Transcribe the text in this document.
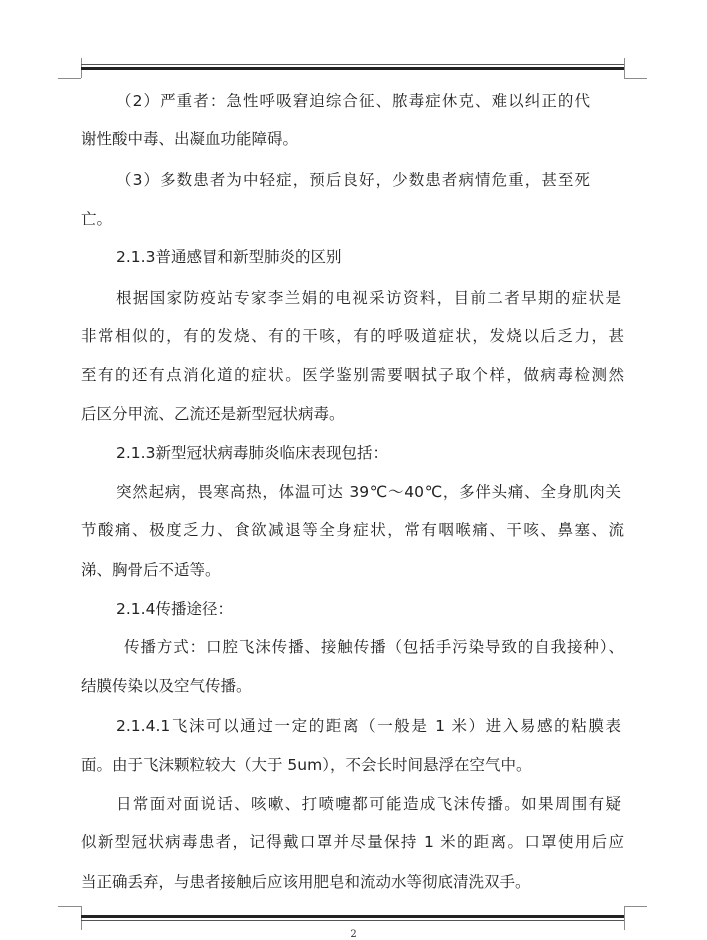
（2）严重者：急性呼吸窘迫综合征、脓毒症休克、难以纠正的代
谢性酸中毒、出凝血功能障碍。
（3）多数患者为中轻症，预后良好，少数患者病情危重，甚至死
亡。
2.1.3普通感冒和新型肺炎的区别
根据国家防疫站专家李兰娟的电视采访资料，目前二者早期的症状是
非常相似的，有的发烧、有的干咳，有的呼吸道症状，发烧以后乏力，甚
至有的还有点消化道的症状。医学鉴别需要咽拭子取个样，做病毒检测然
后区分甲流、乙流还是新型冠状病毒。
2.1.3新型冠状病毒肺炎临床表现包括：
突然起病，畏寒高热，体温可达 39℃～40℃，多伴头痛、全身肌肉关
节酸痛、极度乏力、食欲减退等全身症状，常有咽喉痛、干咳、鼻塞、流
涕、胸骨后不适等。
2.1.4传播途径：
传播方式：口腔飞沫传播、接触传播（包括手污染导致的自我接种）、
结膜传染以及空气传播。
2.1.4.1飞沫可以通过一定的距离（一般是 1 米）进入易感的粘膜表
面。由于飞沫颗粒较大（大于 5um），不会长时间悬浮在空气中。
日常面对面说话、咳嗽、打喷嚏都可能造成飞沫传播。如果周围有疑
似新型冠状病毒患者，记得戴口罩并尽量保持 1 米的距离。口罩使用后应
当正确丢弃，与患者接触后应该用肥皂和流动水等彻底清洗双手。
2
